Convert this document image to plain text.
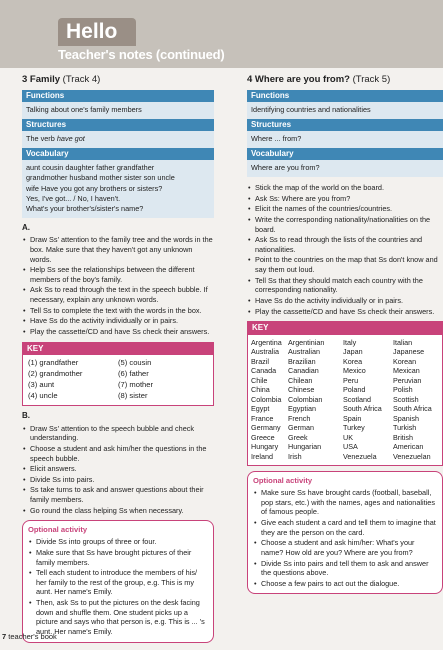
Hello
Teacher's notes (continued)
3 Family (Track 4)
Functions
Talking about one's family members
Structures
The verb have got
Vocabulary
aunt cousin daughter father grandfather
grandmother husband mother sister son uncle
wife Have you got any brothers or sisters?
Yes, I've got... / No, I haven't.
What's your brother's/sister's name?
A.
• Draw Ss' attention to the family tree and the words in the box. Make sure that they haven't got any unknown words.
• Help Ss see the relationships between the different members of the boy's family.
• Ask Ss to read through the text in the speech bubble. If necessary, explain any unknown words.
• Tell Ss to complete the text with the words in the box.
• Have Ss do the activity individually or in pairs.
• Play the cassette/CD and have Ss check their answers.
KEY
(1) grandfather	(5) cousin
(2) grandmother	(6) father
(3) aunt	(7) mother
(4) uncle	(8) sister
B.
• Draw Ss' attention to the speech bubble and check understanding.
• Choose a student and ask him/her the questions in the speech bubble.
• Elicit answers.
• Divide Ss into pairs.
• Ss take turns to ask and answer questions about their family members.
• Go round the class helping Ss when necessary.
Optional activity
• Divide Ss into groups of three or four.
• Make sure that Ss have brought pictures of their family members.
• Tell each student to introduce the members of his/ her family to the rest of the group, e.g. This is my aunt. Her name's Emily.
• Then, ask Ss to put the pictures on the desk facing down and shuffle them. One student picks up a picture and says who that person is, e.g. This is ... 's aunt. Her name's Emily.
4 Where are you from? (Track 5)
Functions
Identifying countries and nationalities
Structures
Where ... from?
Vocabulary
Where are you from?
• Stick the map of the world on the board.
• Ask Ss: Where are you from?
• Elicit the names of the countries/countries.
• Write the corresponding nationality/nationalities on the board.
• Ask Ss to read through the lists of the countries and nationalities.
• Point to the countries on the map that Ss don't know and say them out loud.
• Tell Ss that they should match each country with the corresponding nationality.
• Have Ss do the activity individually or in pairs.
• Play the cassette/CD and have Ss check their answers.
KEY
Argentina Argentinian	Italy	Italian
Australia	Australian	Japan	Japanese
Brazil	Brazilian	Korea	Korean
Canada	Canadian	Mexico	Mexican
Chile	Chilean	Peru	Peruvian
China	Chinese	Poland	Polish
Colombia Colombian	Scotland	Scottish
Egypt	Egyptian	South Africa	South Africa
France	French	Spain	Spanish
Germany	German	Turkey	Turkish
Greece	Greek	UK	British
Hungary	Hungarian	USA	American
Ireland	Irish	Venezuela	Venezuelan
Optional activity
• Make sure Ss have brought cards (football, baseball, pop stars, etc.) with the names, ages and nationalities of famous people.
• Give each student a card and tell them to imagine that they are the person on the card.
• Choose a student and ask him/her: What's your name? How old are you? Where are you from?
• Divide Ss into pairs and tell them to ask and answer the questions above.
• Choose a few pairs to act out the dialogue.
7 teacher's book
